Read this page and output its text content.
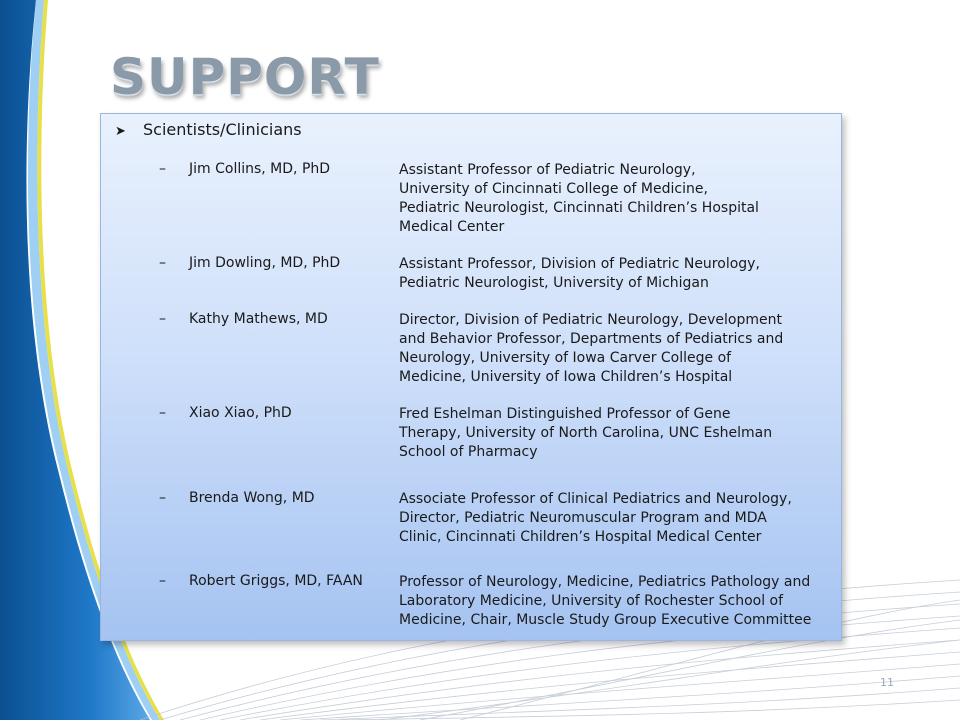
SUPPORT
➤ Scientists/Clinicians
– Jim Collins, MD, PhD	Assistant Professor of Pediatric Neurology,
University of Cincinnati College of Medicine,
Pediatric Neurologist, Cincinnati Children’s Hospital
Medical Center
– Jim Dowling, MD, PhD	Assistant Professor, Division of Pediatric Neurology,
Pediatric Neurologist, University of Michigan
– Kathy Mathews, MD	Director, Division of Pediatric Neurology, Development
and Behavior Professor, Departments of Pediatrics and
Neurology, University of Iowa Carver College of
Medicine, University of Iowa Children’s Hospital
– Xiao Xiao, PhD	Fred Eshelman Distinguished Professor of Gene
Therapy, University of North Carolina, UNC Eshelman
School of Pharmacy
– Brenda Wong, MD	Associate Professor of Clinical Pediatrics and Neurology,
Director, Pediatric Neuromuscular Program and MDA
Clinic, Cincinnati Children’s Hospital Medical Center
– Robert Griggs, MD, FAAN	Professor of Neurology, Medicine, Pediatrics Pathology and
Laboratory Medicine, University of Rochester School of
Medicine, Chair, Muscle Study Group Executive Committee
11
